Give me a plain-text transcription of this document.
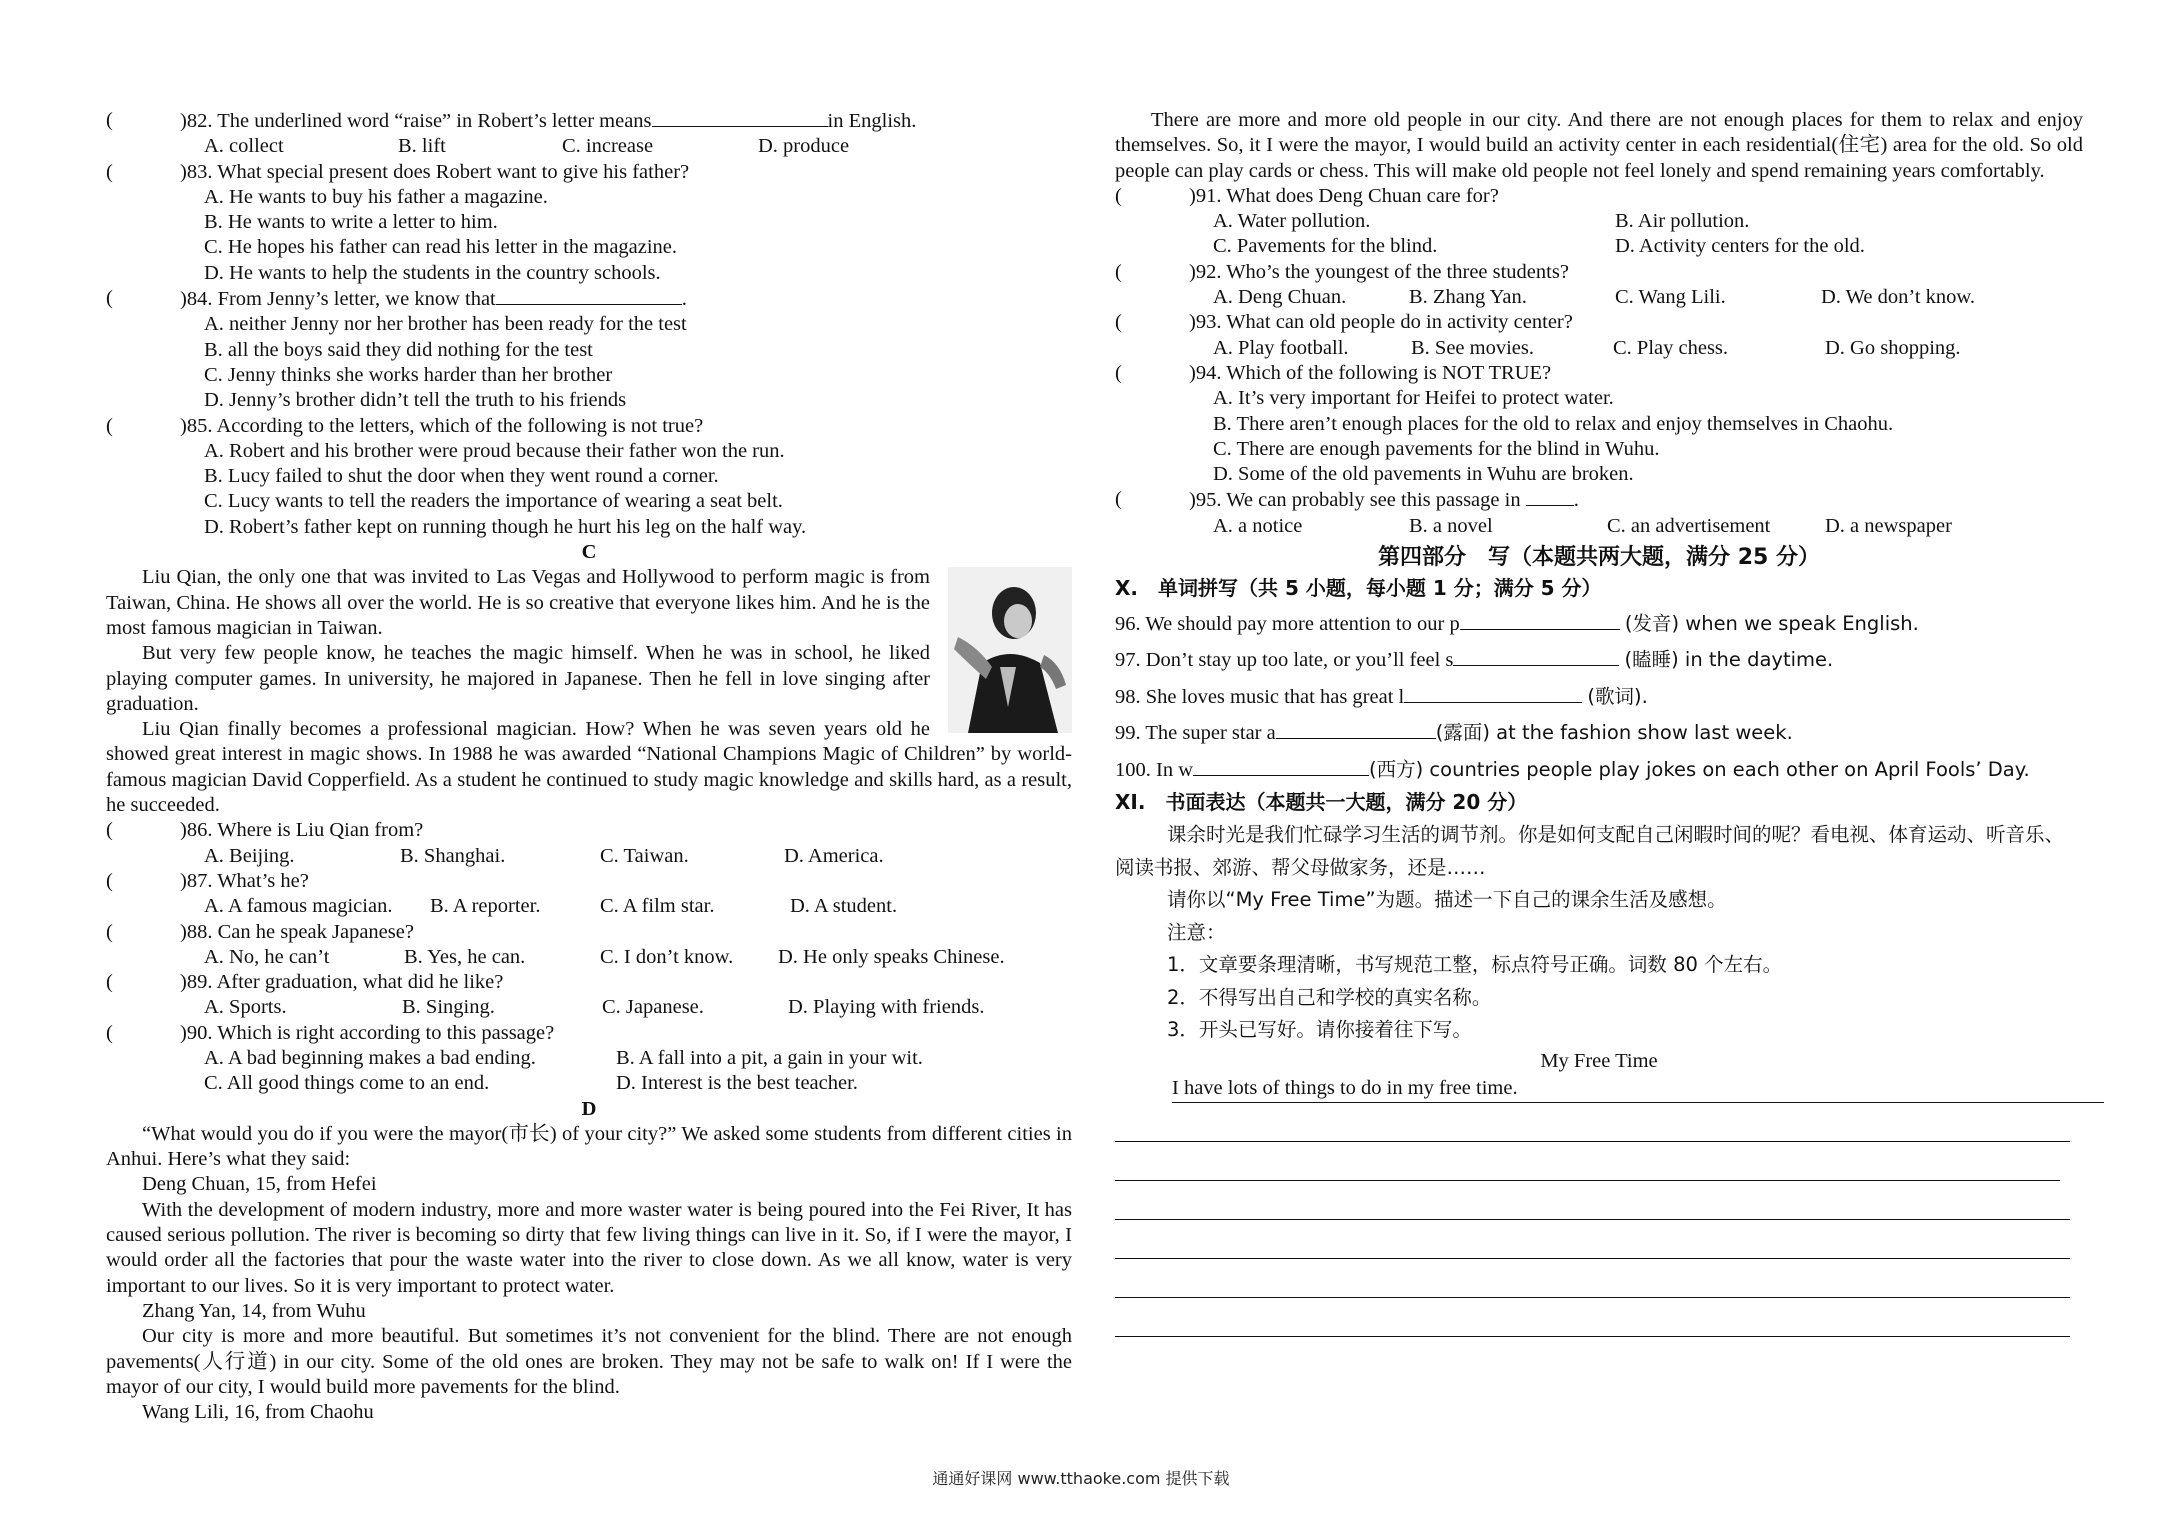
(	)82. The underlined word “raise” in Robert’s letter means	in English.
A. collect	B. lift	C. increase	D. produce
(	)83. What special present does Robert want to give his father?
A. He wants to buy his father a magazine.
B. He wants to write a letter to him.
C. He hopes his father can read his letter in the magazine.
D. He wants to help the students in the country schools.
(	)84. From Jenny’s letter, we know that	.
A. neither Jenny nor her brother has been ready for the test
B. all the boys said they did nothing for the test
C. Jenny thinks she works harder than her brother
D. Jenny’s brother didn’t tell the truth to his friends
(	)85. According to the letters, which of the following is not true?
A. Robert and his brother were proud because their father won the run.
B. Lucy failed to shut the door when they went round a corner.
C. Lucy wants to tell the readers the importance of wearing a seat belt.
D. Robert’s father kept on running though he hurt his leg on the half way.
C

Liu Qian, the only one that was invited to Las Vegas and Hollywood to perform magic is from Taiwan, China. He shows all over the world. He is so creative that everyone likes him. And he is the most famous magician in Taiwan.

But very few people know, he teaches the magic himself. When he was in school, he liked playing computer games. In university, he majored in Japanese. Then he fell in love singing after graduation.

Liu Qian finally becomes a professional magician. How? When he was seven years old he showed great interest in magic shows. In 1988 he was awarded “National Champions Magic of Children” by world-famous magician David Copperfield. As a student he continued to study magic knowledge and skills hard, as a result, he succeeded.

(	)86. Where is Liu Qian from?
A. Beijing.	B. Shanghai.	C. Taiwan.	D. America.
(	)87. What’s he?
A. A famous magician.	B. A reporter.	C. A film star.	D. A student.
(	)88. Can he speak Japanese?
A. No, he can’t	B. Yes, he can.	C. I don’t know.	D. He only speaks Chinese.
(	)89. After graduation, what did he like?
A. Sports.	B. Singing.	C. Japanese.	D. Playing with friends.
(	)90. Which is right according to this passage?
A. A bad beginning makes a bad ending.	B. A fall into a pit, a gain in your wit.
C. All good things come to an end.	D. Interest is the best teacher.
D

“What would you do if you were the mayor(市长) of your city?” We asked some students from different cities in Anhui. Here’s what they said:

Deng Chuan, 15, from Hefei

With the development of modern industry, more and more waster water is being poured into the Fei River, It has caused serious pollution. The river is becoming so dirty that few living things can live in it. So, if I were the mayor, I would order all the factories that pour the waste water into the river to close down. As we all know, water is very important to our lives. So it is very important to protect water.

Zhang Yan, 14, from Wuhu

Our city is more and more beautiful. But sometimes it’s not convenient for the blind. There are not enough pavements(人行道) in our city. Some of the old ones are broken. They may not be safe to walk on! If I were the mayor of our city, I would build more pavements for the blind.

Wang Lili, 16, from Chaohu

There are more and more old people in our city. And there are not enough places for them to relax and enjoy themselves. So, it I were the mayor, I would build an activity center in each residential(住宅) area for the old. So old people can play cards or chess. This will make old people not feel lonely and spend remaining years comfortably.

(	)91. What does Deng Chuan care for?
A. Water pollution.	B. Air pollution.
C. Pavements for the blind.	D. Activity centers for the old.
(	)92. Who’s the youngest of the three students?
A. Deng Chuan.	B. Zhang Yan.	C. Wang Lili.	D. We don’t know.
(	)93. What can old people do in activity center?
A. Play football.	B. See movies.	C. Play chess.	D. Go shopping.
(	)94. Which of the following is NOT TRUE?
A. It’s very important for Heifei to protect water.
B. There aren’t enough places for the old to relax and enjoy themselves in Chaohu.
C. There are enough pavements for the blind in Wuhu.
D. Some of the old pavements in Wuhu are broken.
(	)95. We can probably see this passage in	.
A. a notice	B. a novel	C. an advertisement	D. a newspaper
第四部分　写（本题共两大题，满分 25 分）
X.　单词拼写（共 5 小题，每小题 1 分；满分 5 分）
96. We should pay more attention to our p	(发音) when we speak English.
97. Don’t stay up too late, or you’ll feel s	(瞌睡) in the daytime.
98. She loves music that has great l	(歌词).
99. The super star a	(露面) at the fashion show last week.
100. In w	(西方) countries people play jokes on each other on April Fools’ Day.
XI.　书面表达（本题共一大题，满分 20 分）
课余时光是我们忙碌学习生活的调节剂。你是如何支配自己闲暇时间的呢？看电视、体育运动、听音乐、阅读书报、郊游、帮父母做家务，还是……
请你以“My Free Time”为题。描述一下自己的课余生活及感想。
注意：
1．文章要条理清晰，书写规范工整，标点符号正确。词数 80 个左右。
2．不得写出自己和学校的真实名称。
3．开头已写好。请你接着往下写。
My Free Time
I have lots of things to do in my free time.
通通好课网 www.tthaoke.com 提供下载
